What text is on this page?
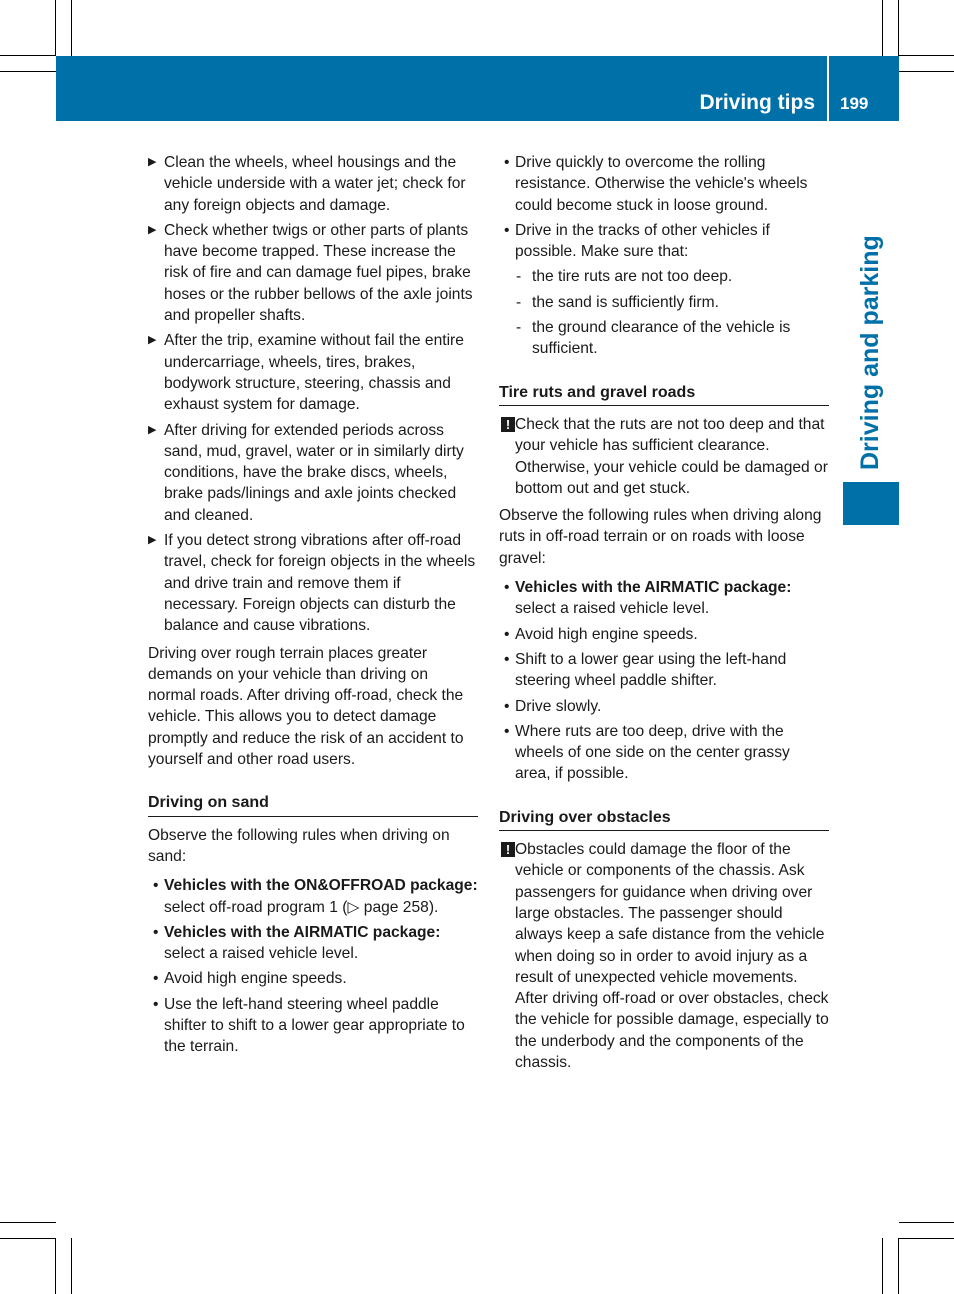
Driving tips 199
Driving and parking
▶ Clean the wheels, wheel housings and the vehicle underside with a water jet; check for any foreign objects and damage.
▶ Check whether twigs or other parts of plants have become trapped. These increase the risk of fire and can damage fuel pipes, brake hoses or the rubber bellows of the axle joints and propeller shafts.
▶ After the trip, examine without fail the entire undercarriage, wheels, tires, brakes, bodywork structure, steering, chassis and exhaust system for damage.
▶ After driving for extended periods across sand, mud, gravel, water or in similarly dirty conditions, have the brake discs, wheels, brake pads/linings and axle joints checked and cleaned.
▶ If you detect strong vibrations after off-road travel, check for foreign objects in the wheels and drive train and remove them if necessary. Foreign objects can disturb the balance and cause vibrations.
Driving over rough terrain places greater demands on your vehicle than driving on normal roads. After driving off-road, check the vehicle. This allows you to detect damage promptly and reduce the risk of an accident to yourself and other road users.
Driving on sand
Observe the following rules when driving on sand:
• Vehicles with the ON&OFFROAD package: select off-road program 1 (▷ page 258).
• Vehicles with the AIRMATIC package: select a raised vehicle level.
• Avoid high engine speeds.
• Use the left-hand steering wheel paddle shifter to shift to a lower gear appropriate to the terrain.
• Drive quickly to overcome the rolling resistance. Otherwise the vehicle's wheels could become stuck in loose ground.
• Drive in the tracks of other vehicles if possible. Make sure that:
- the tire ruts are not too deep.
- the sand is sufficiently firm.
- the ground clearance of the vehicle is sufficient.
Tire ruts and gravel roads
! Check that the ruts are not too deep and that your vehicle has sufficient clearance. Otherwise, your vehicle could be damaged or bottom out and get stuck.
Observe the following rules when driving along ruts in off-road terrain or on roads with loose gravel:
• Vehicles with the AIRMATIC package: select a raised vehicle level.
• Avoid high engine speeds.
• Shift to a lower gear using the left-hand steering wheel paddle shifter.
• Drive slowly.
• Where ruts are too deep, drive with the wheels of one side on the center grassy area, if possible.
Driving over obstacles
! Obstacles could damage the floor of the vehicle or components of the chassis. Ask passengers for guidance when driving over large obstacles. The passenger should always keep a safe distance from the vehicle when doing so in order to avoid injury as a result of unexpected vehicle movements. After driving off-road or over obstacles, check the vehicle for possible damage, especially to the underbody and the components of the chassis.
